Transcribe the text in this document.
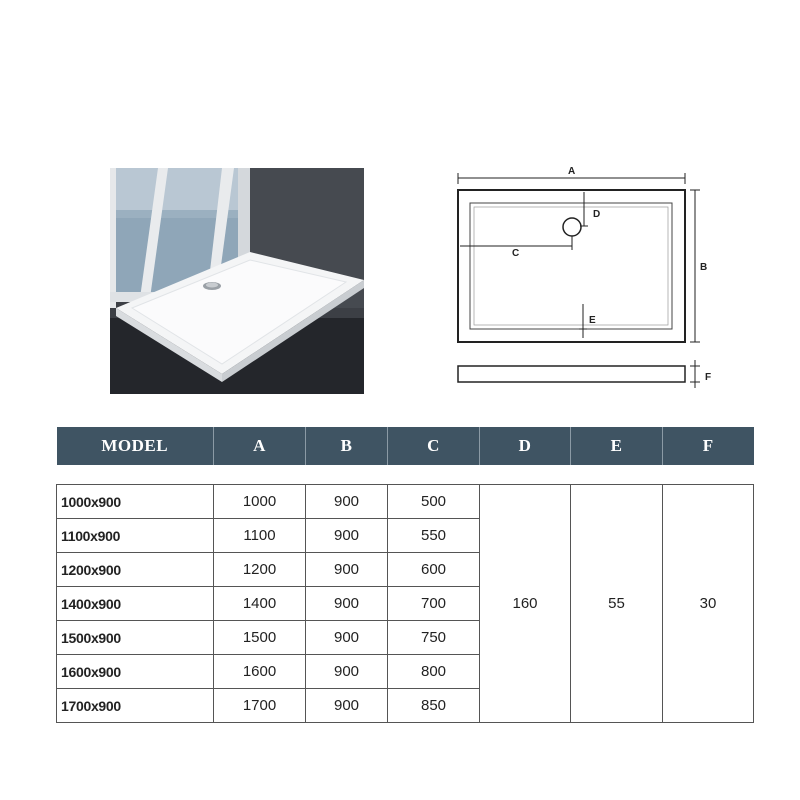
A
D
C
E
B
F
MODEL	A	B	C	D	E	F

1000x900	1000	900	500	160	55	30
1100x900	1100	900	550			
1200x900	1200	900	600			
1400x900	1400	900	700			
1500x900	1500	900	750			
1600x900	1600	900	800			
1700x900	1700	900	850			
